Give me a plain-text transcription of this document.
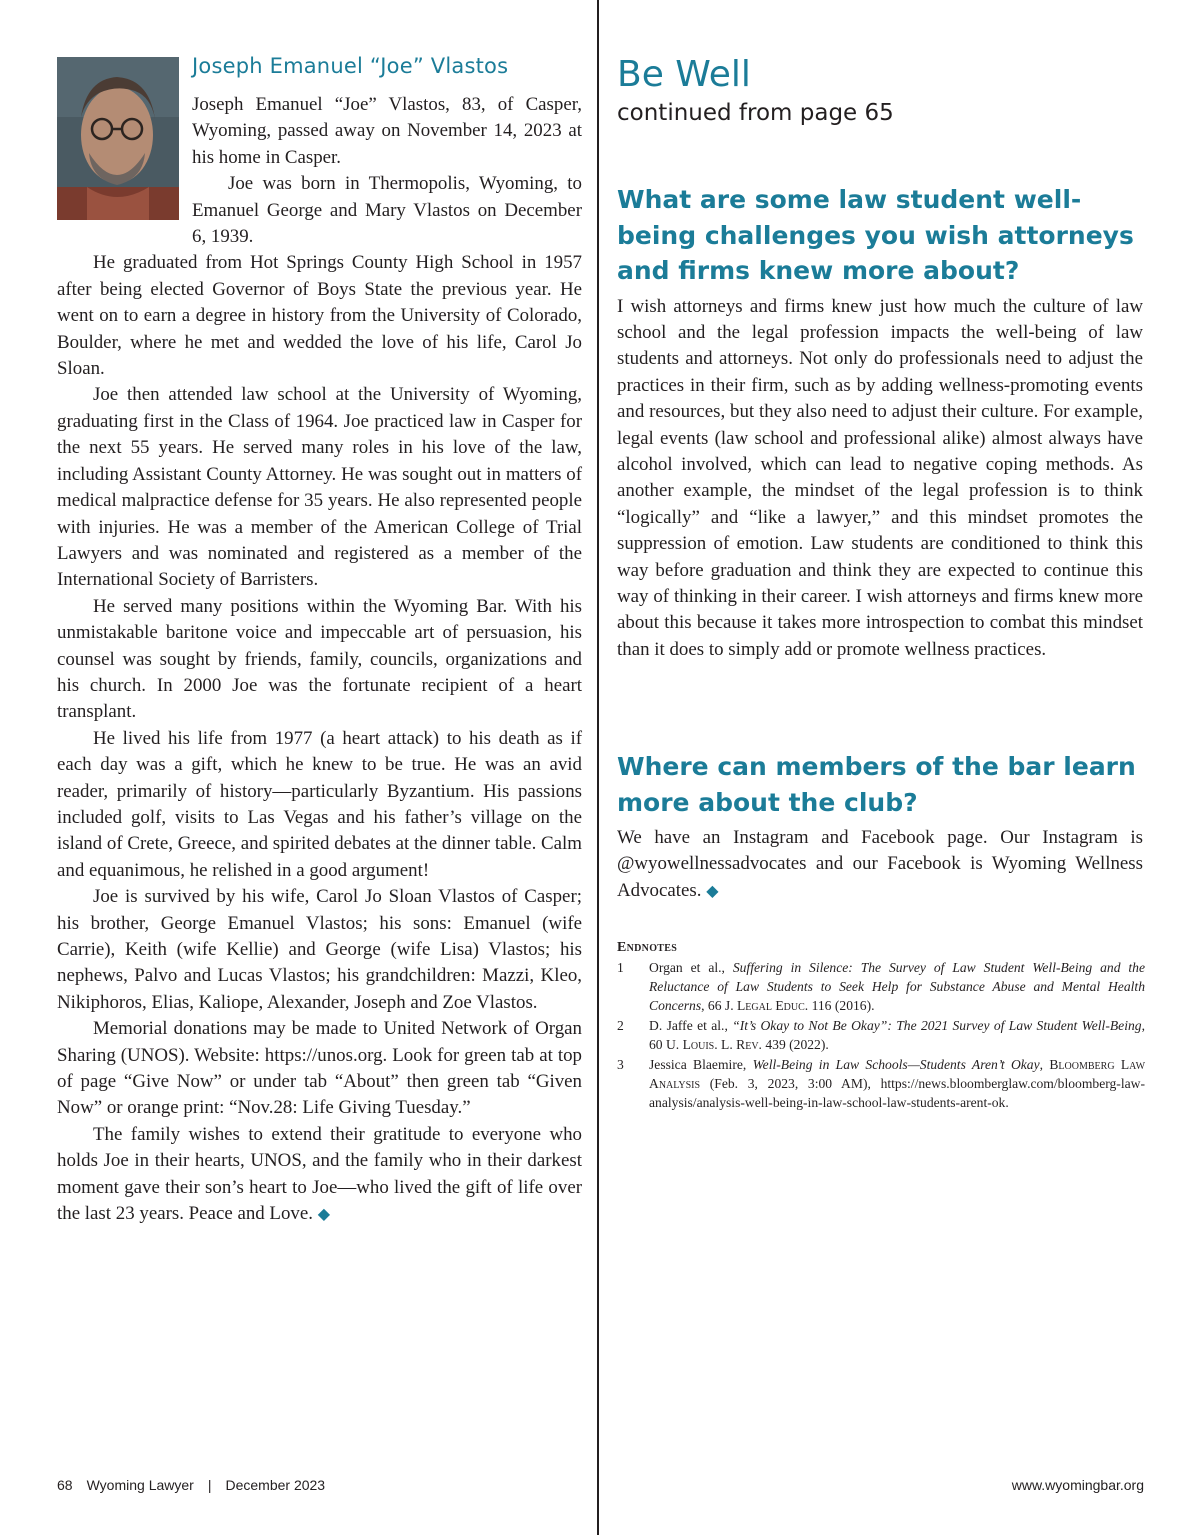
Joseph Emanuel “Joe” Vlastos

Joseph Emanuel “Joe” Vlastos, 83, of Casper, Wyoming, passed away on November 14, 2023 at his home in Casper.

Joe was born in Thermopolis, Wyoming, to Emanuel George and Mary Vlastos on December 6, 1939.

He graduated from Hot Springs County High School in 1957 after being elected Governor of Boys State the previous year. He went on to earn a degree in history from the University of Colorado, Boulder, where he met and wedded the love of his life, Carol Jo Sloan.

Joe then attended law school at the University of Wyoming, graduating first in the Class of 1964. Joe practiced law in Casper for the next 55 years. He served many roles in his love of the law, including Assistant County Attorney. He was sought out in matters of medical malpractice defense for 35 years. He also represented people with injuries. He was a member of the American College of Trial Lawyers and was nominated and registered as a member of the International Society of Barristers.

He served many positions within the Wyoming Bar. With his unmistakable baritone voice and impeccable art of persuasion, his counsel was sought by friends, family, councils, organizations and his church. In 2000 Joe was the fortunate recipient of a heart transplant.

He lived his life from 1977 (a heart attack) to his death as if each day was a gift, which he knew to be true. He was an avid reader, primarily of history—particularly Byzantium. His passions included golf, visits to Las Vegas and his father’s village on the island of Crete, Greece, and spirited debates at the dinner table. Calm and equanimous, he relished in a good argument!

Joe is survived by his wife, Carol Jo Sloan Vlastos of Casper; his brother, George Emanuel Vlastos; his sons: Emanuel (wife Carrie), Keith (wife Kellie) and George (wife Lisa) Vlastos; his nephews, Palvo and Lucas Vlastos; his grandchildren: Mazzi, Kleo, Nikiphoros, Elias, Kaliope, Alexander, Joseph and Zoe Vlastos.

Memorial donations may be made to United Network of Organ Sharing (UNOS). Website: https://unos.org. Look for green tab at top of page “Give Now” or under tab “About” then green tab “Given Now” or orange print: “Nov.28: Life Giving Tuesday.”

The family wishes to extend their gratitude to everyone who holds Joe in their hearts, UNOS, and the family who in their darkest moment gave their son’s heart to Joe—who lived the gift of life over the last 23 years. Peace and Love. ◆

Be Well
continued from page 65
What are some law student well-being challenges you wish attorneys and firms knew more about?

I wish attorneys and firms knew just how much the culture of law school and the legal profession impacts the well-being of law students and attorneys. Not only do professionals need to adjust the practices in their firm, such as by adding wellness-promoting events and resources, but they also need to adjust their culture. For example, legal events (law school and professional alike) almost always have alcohol involved, which can lead to negative coping methods. As another example, the mindset of the legal profession is to think “logically” and “like a lawyer,” and this mindset promotes the suppression of emotion. Law students are conditioned to think this way before graduation and think they are expected to continue this way of thinking in their career. I wish attorneys and firms knew more about this because it takes more introspection to combat this mindset than it does to simply add or promote wellness practices.

Where can members of the bar learn more about the club?

We have an Instagram and Facebook page. Our Instagram is @wyowellnessadvocates and our Facebook is Wyoming Wellness Advocates. ◆

Endnotes
1 Organ et al., Suffering in Silence: The Survey of Law Student Well-Being and the Reluctance of Law Students to Seek Help for Substance Abuse and Mental Health Concerns, 66 J. Legal Educ. 116 (2016).
2 D. Jaffe et al., “It’s Okay to Not Be Okay”: The 2021 Survey of Law Student Well-Being, 60 U. Louis. L. Rev. 439 (2022).
3 Jessica Blaemire, Well-Being in Law Schools—Students Aren’t Okay, Bloomberg Law Analysis (Feb. 3, 2023, 3:00 AM), https://news.bloomberglaw.com/bloomberg-law-analysis/analysis-well-being-in-law-school-law-students-arent-ok.
68 Wyoming Lawyer | December 2023	www.wyomingbar.org
